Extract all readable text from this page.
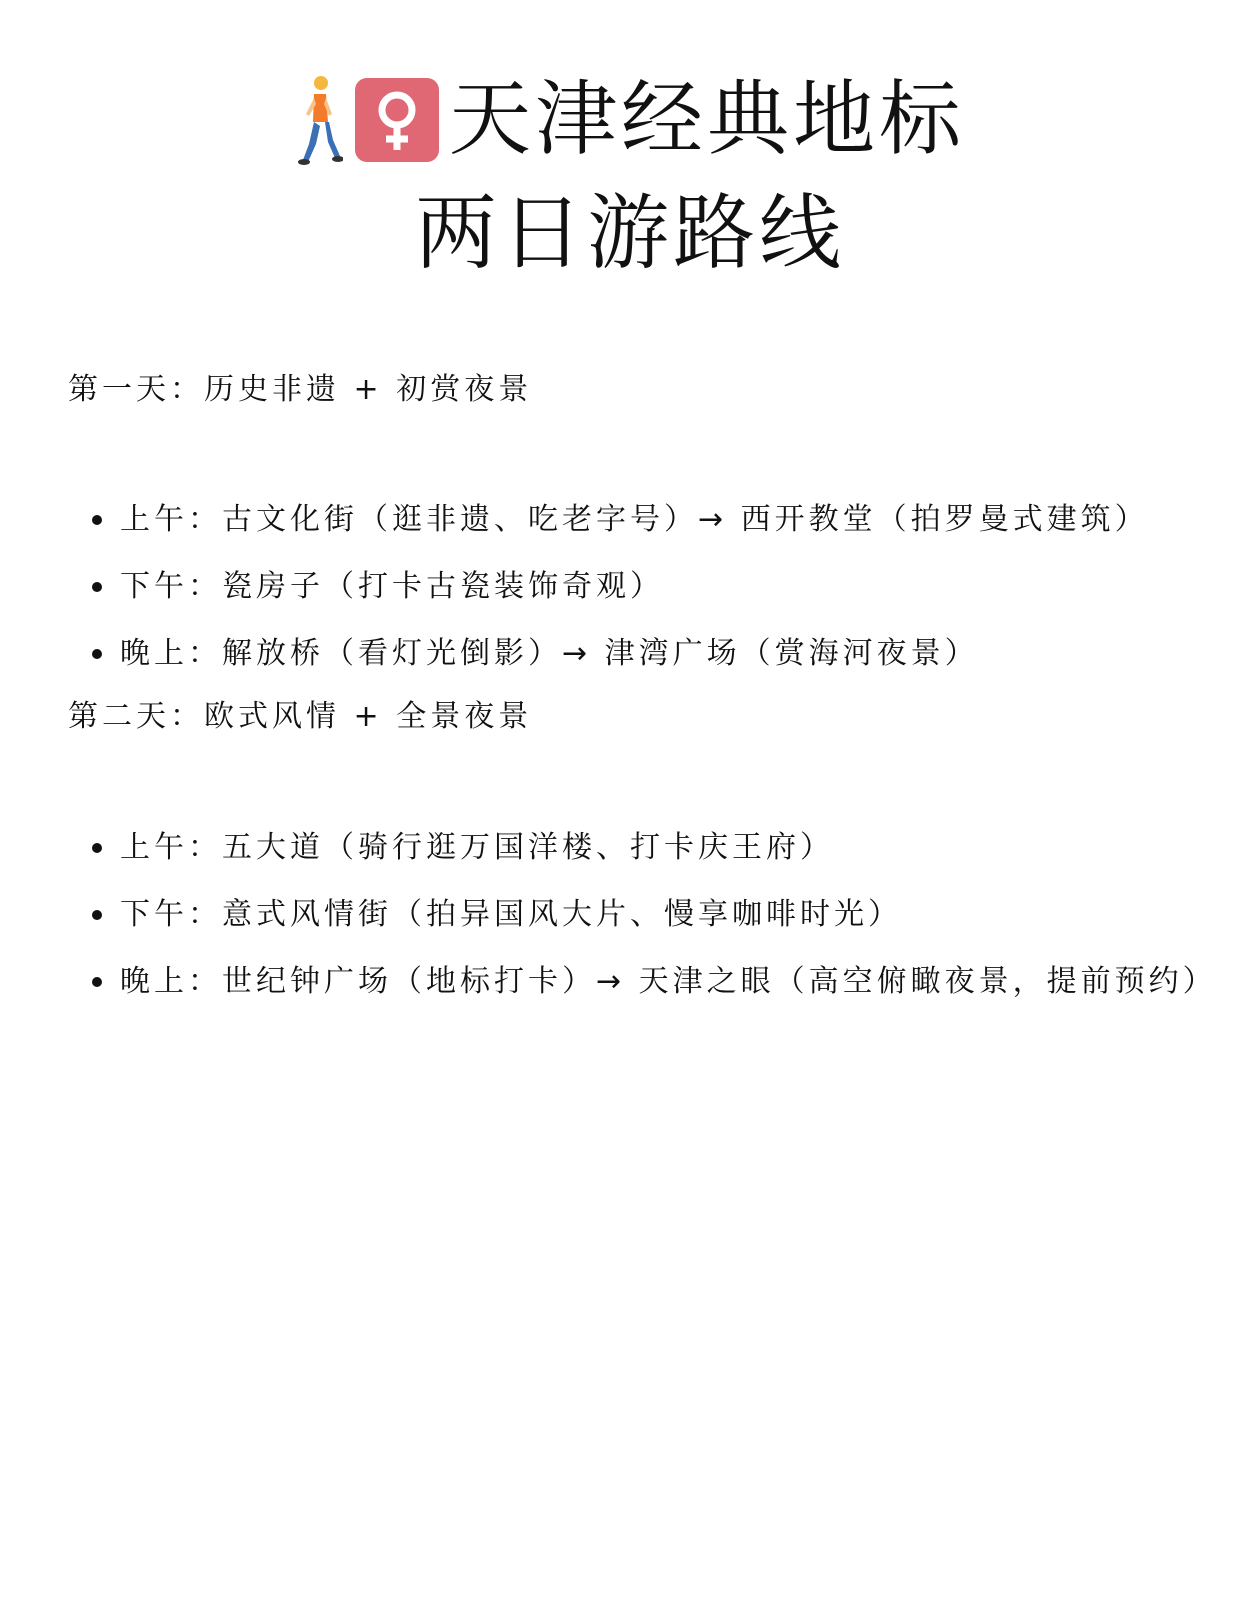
天津经典地标
两日游路线
第一天：历史非遗 + 初赏夜景
上午：古文化街（逛非遗、吃老字号）→ 西开教堂（拍罗曼式建筑）
下午：瓷房子（打卡古瓷装饰奇观）
晚上：解放桥（看灯光倒影）→ 津湾广场（赏海河夜景）
第二天：欧式风情 + 全景夜景
上午：五大道（骑行逛万国洋楼、打卡庆王府）
下午：意式风情街（拍异国风大片、慢享咖啡时光）
晚上：世纪钟广场（地标打卡）→ 天津之眼（高空俯瞰夜景，提前预约）
